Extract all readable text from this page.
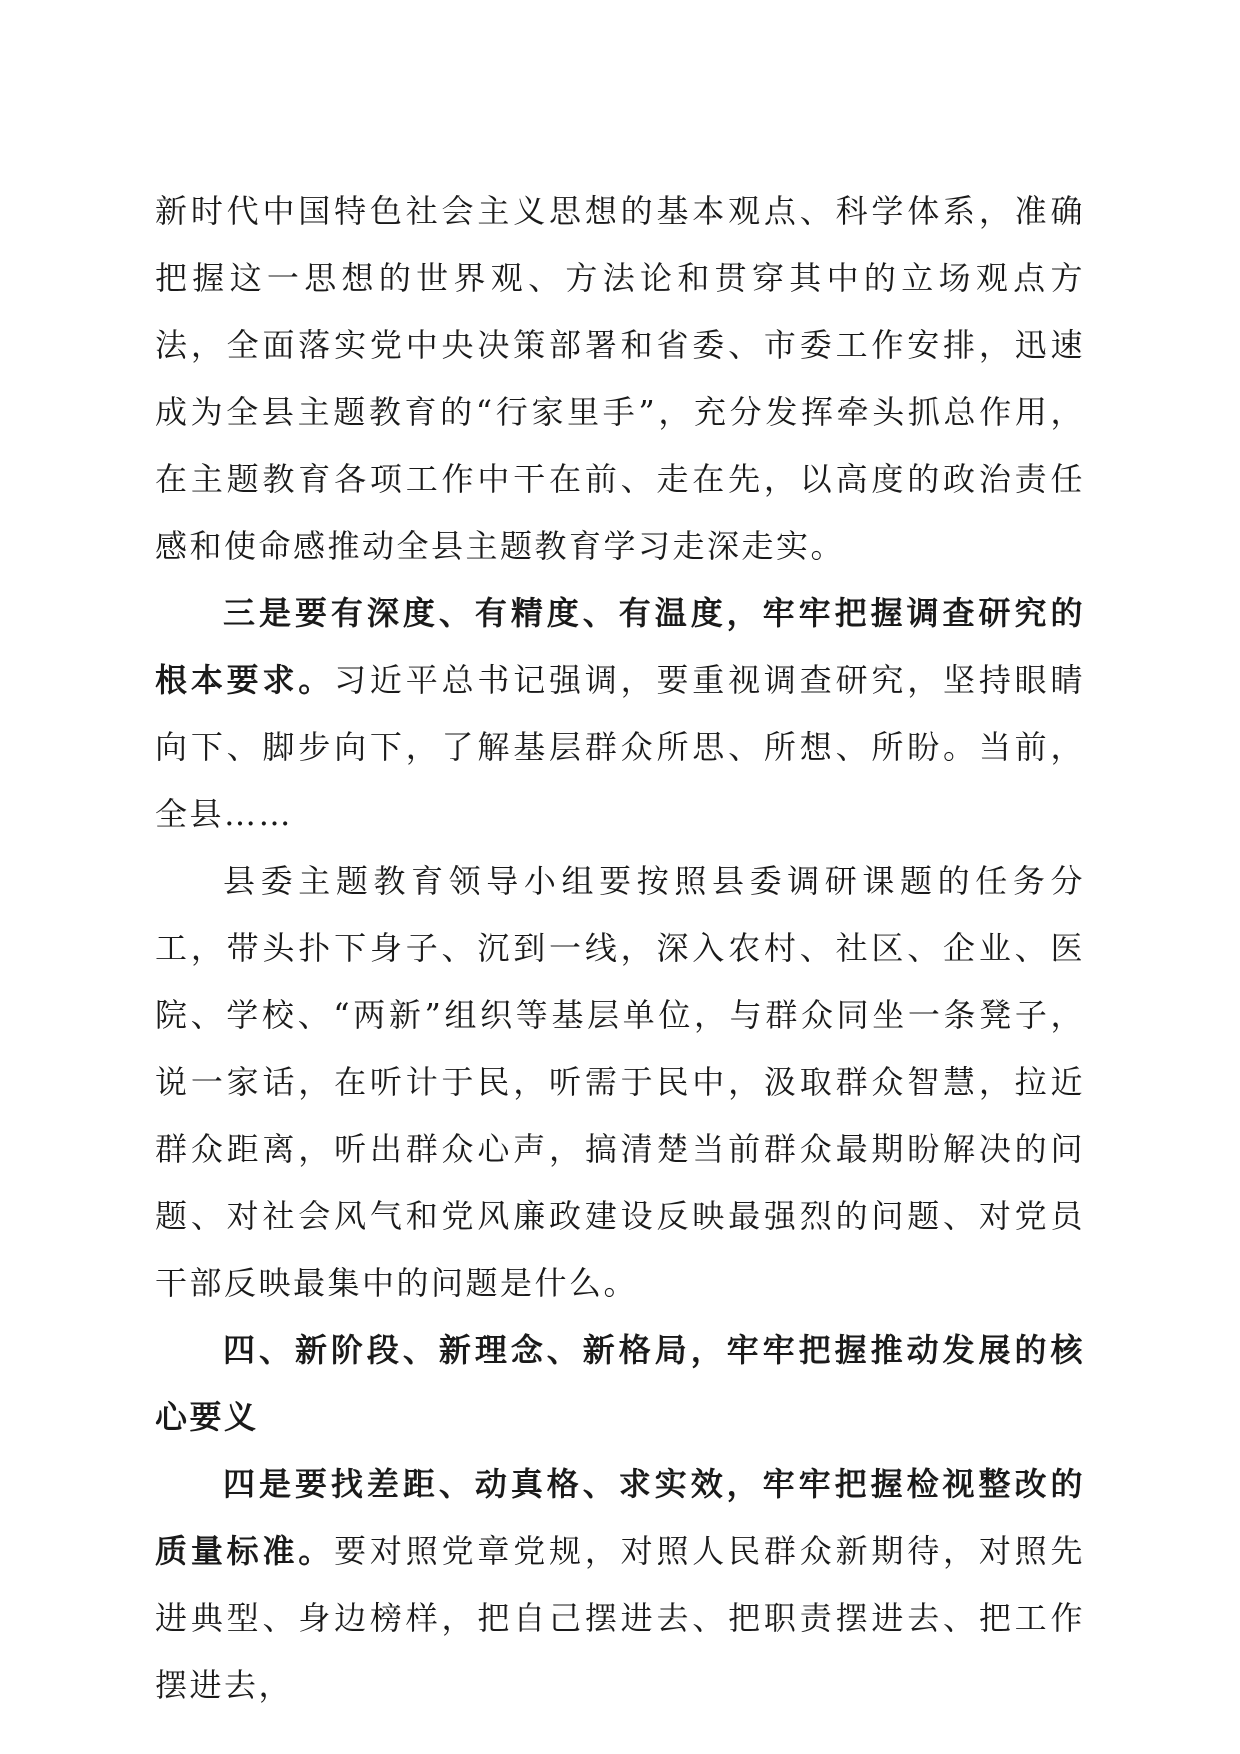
新时代中国特色社会主义思想的基本观点、科学体系，准确把握这一思想的世界观、方法论和贯穿其中的立场观点方法，全面落实党中央决策部署和省委、市委工作安排，迅速成为全县主题教育的“行家里手”，充分发挥牵头抓总作用，在主题教育各项工作中干在前、走在先，以高度的政治责任感和使命感推动全县主题教育学习走深走实。

三是要有深度、有精度、有温度，牢牢把握调查研究的根本要求。习近平总书记强调，要重视调查研究，坚持眼睛向下、脚步向下，了解基层群众所思、所想、所盼。当前，全县……

县委主题教育领导小组要按照县委调研课题的任务分工，带头扑下身子、沉到一线，深入农村、社区、企业、医院、学校、“两新”组织等基层单位，与群众同坐一条凳子，说一家话，在听计于民，听需于民中，汲取群众智慧，拉近群众距离，听出群众心声，搞清楚当前群众最期盼解决的问题、对社会风气和党风廉政建设反映最强烈的问题、对党员干部反映最集中的问题是什么。

四、新阶段、新理念、新格局，牢牢把握推动发展的核心要义

四是要找差距、动真格、求实效，牢牢把握检视整改的质量标准。要对照党章党规，对照人民群众新期待，对照先进典型、身边榜样，把自己摆进去、把职责摆进去、把工作摆进去，
